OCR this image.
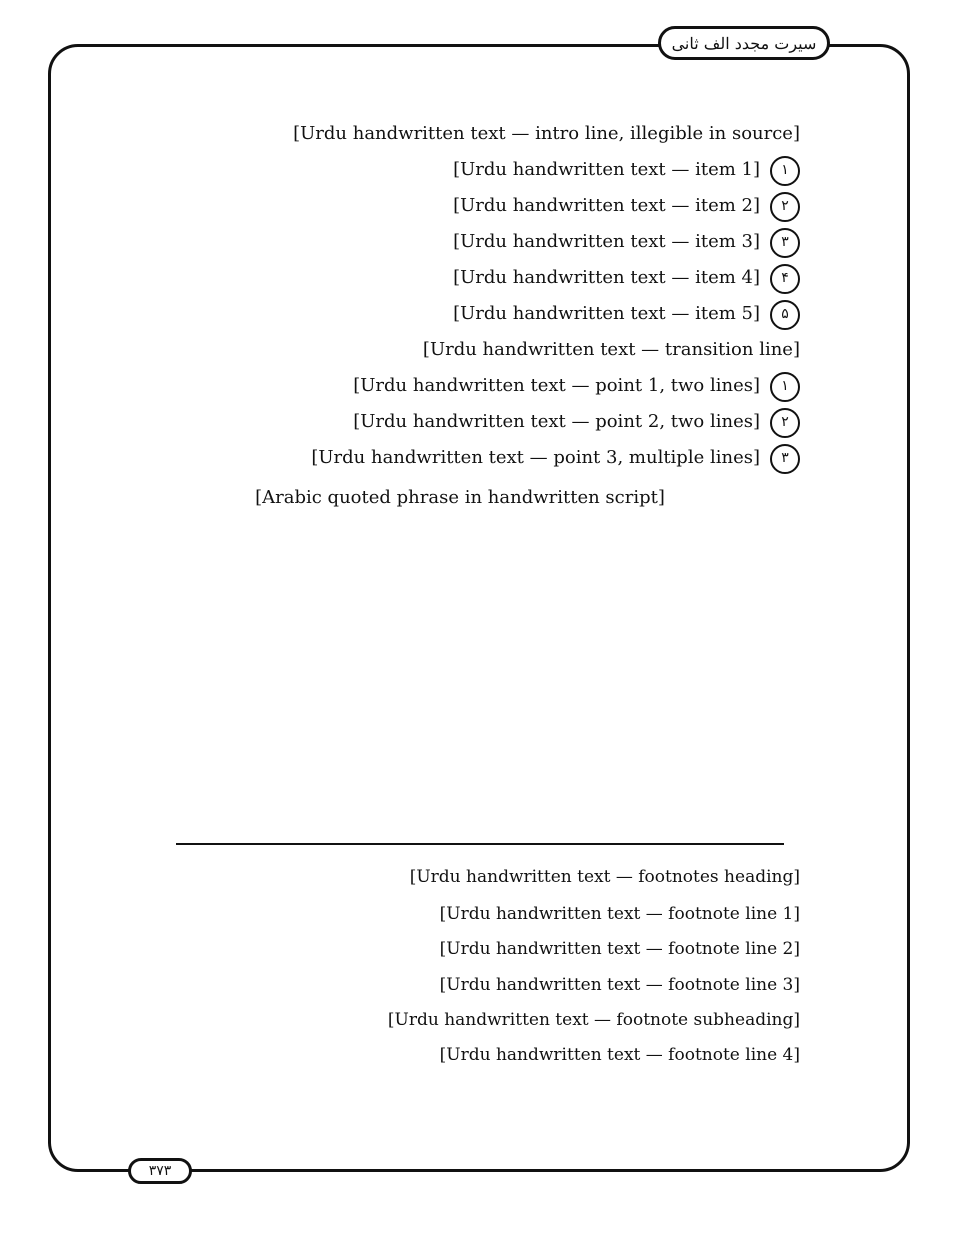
سیرت مجدد الف ثانی
[Urdu handwritten text — intro line, illegible in source]
۱
[Urdu handwritten text — item 1]
۲
[Urdu handwritten text — item 2]
۳
[Urdu handwritten text — item 3]
۴
[Urdu handwritten text — item 4]
۵
[Urdu handwritten text — item 5]
[Urdu handwritten text — transition line]
۱
[Urdu handwritten text — point 1, two lines]
۲
[Urdu handwritten text — point 2, two lines]
۳
[Urdu handwritten text — point 3, multiple lines]
[Arabic quoted phrase in handwritten script]
[Urdu handwritten text — footnotes heading]
[Urdu handwritten text — footnote line 1]
[Urdu handwritten text — footnote line 2]
[Urdu handwritten text — footnote line 3]
[Urdu handwritten text — footnote subheading]
[Urdu handwritten text — footnote line 4]
۳۷۳
